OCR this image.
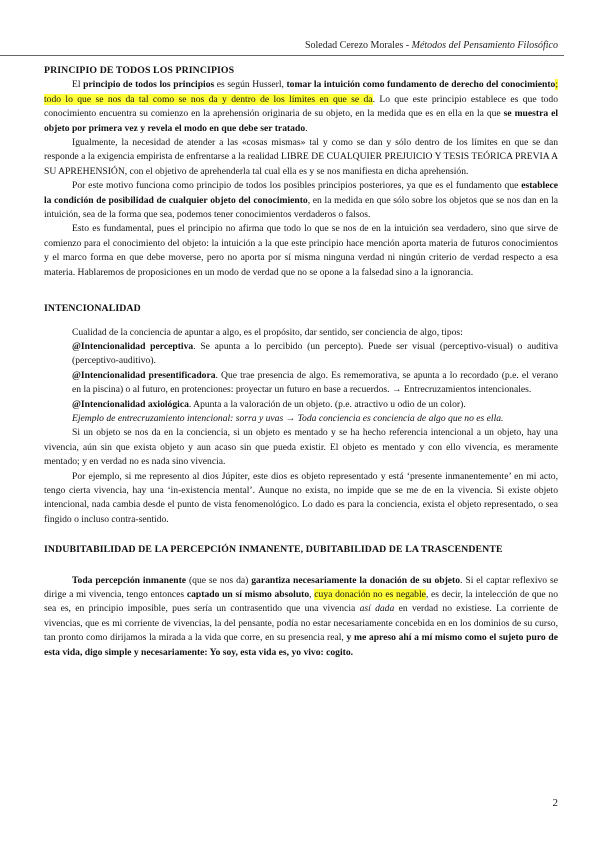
Soledad Cerezo Morales - Métodos del Pensamiento Filosófico
PRINCIPIO DE TODOS LOS PRINCIPIOS

El principio de todos los principios es según Husserl, tomar la intuición como fundamento de derecho del conocimiento; todo lo que se nos da tal como se nos da y dentro de los límites en que se da. Lo que este principio establece es que todo conocimiento encuentra su comienzo en la aprehensión originaria de su objeto, en la medida que es en ella en la que se muestra el objeto por primera vez y revela el modo en que debe ser tratado.

Igualmente, la necesidad de atender a las «cosas mismas» tal y como se dan y sólo dentro de los límites en que se dan responde a la exigencia empirista de enfrentarse a la realidad LIBRE DE CUALQUIER PREJUICIO Y TESIS TEÓRICA PREVIA A SU APREHENSIÓN, con el objetivo de aprehenderla tal cual ella es y se nos manifiesta en dicha aprehensión.

Por este motivo funciona como principio de todos los posibles principios posteriores, ya que es el fundamento que establece la condición de posibilidad de cualquier objeto del conocimiento, en la medida en que sólo sobre los objetos que se nos dan en la intuición, sea de la forma que sea, podemos tener conocimientos verdaderos o falsos.

Esto es fundamental, pues el principio no afirma que todo lo que se nos de en la intuición sea verdadero, sino que sirve de comienzo para el conocimiento del objeto: la intuición a la que este principio hace mención aporta materia de futuros conocimientos y el marco forma en que debe moverse, pero no aporta por sí misma ninguna verdad ni ningún criterio de verdad respecto a esa materia. Hablaremos de proposiciones en un modo de verdad que no se opone a la falsedad sino a la ignorancia.

INTENCIONALIDAD

Cualidad de la conciencia de apuntar a algo, es el propósito, dar sentido, ser conciencia de algo, tipos:

@Intencionalidad perceptiva. Se apunta a lo percibido (un percepto). Puede ser visual (perceptivo-visual) o auditiva (perceptivo-auditivo).

@Intencionalidad presentificadora. Que trae presencia de algo. Es rememorativa, se apunta a lo recordado (p.e. el verano en la piscina) o al futuro, en protenciones: proyectar un futuro en base a recuerdos. → Entrecruzamientos intencionales.

@Intencionalidad axiológica. Apunta a la valoración de un objeto. (p.e. atractivo u odio de un color).

Ejemplo de entrecruzamiento intencional: sorra y uvas → Toda conciencia es conciencia de algo que no es ella.

Si un objeto se nos da en la conciencia, si un objeto es mentado y se ha hecho referencia intencional a un objeto, hay una vivencia, aún sin que exista objeto y aun acaso sin que pueda existir. El objeto es mentado y con ello vivencia, es meramente mentado; y en verdad no es nada sino vivencia.

Por ejemplo, si me represento al dios Júpiter, este dios es objeto representado y está ‘presente inmanentemente’ en mi acto, tengo cierta vivencia, hay una ‘in-existencia mental’. Aunque no exista, no impide que se me de en la vivencia. Si existe objeto intencional, nada cambia desde el punto de vista fenomenológico. Lo dado es para la conciencia, exista el objeto representado, o sea fingido o incluso contra-sentido.

INDUBITABILIDAD DE LA PERCEPCIÓN INMANENTE, DUBITABILIDAD DE LA TRASCENDENTE

Toda percepción inmanente (que se nos da) garantiza necesariamente la donación de su objeto. Si el captar reflexivo se dirige a mi vivencia, tengo entonces captado un sí mismo absoluto, cuya donación no es negable, es decir, la intelección de que no sea es, en principio imposible, pues sería un contrasentido que una vivencia así dada en verdad no existiese. La corriente de vivencias, que es mi corriente de vivencias, la del pensante, podía no estar necesariamente concebida en en los dominios de su curso, tan pronto como dirijamos la mirada a la vida que corre, en su presencia real, y me apreso ahí a mí mismo como el sujeto puro de esta vida, digo simple y necesariamente: Yo soy, esta vida es, yo vivo: cogito.

2
